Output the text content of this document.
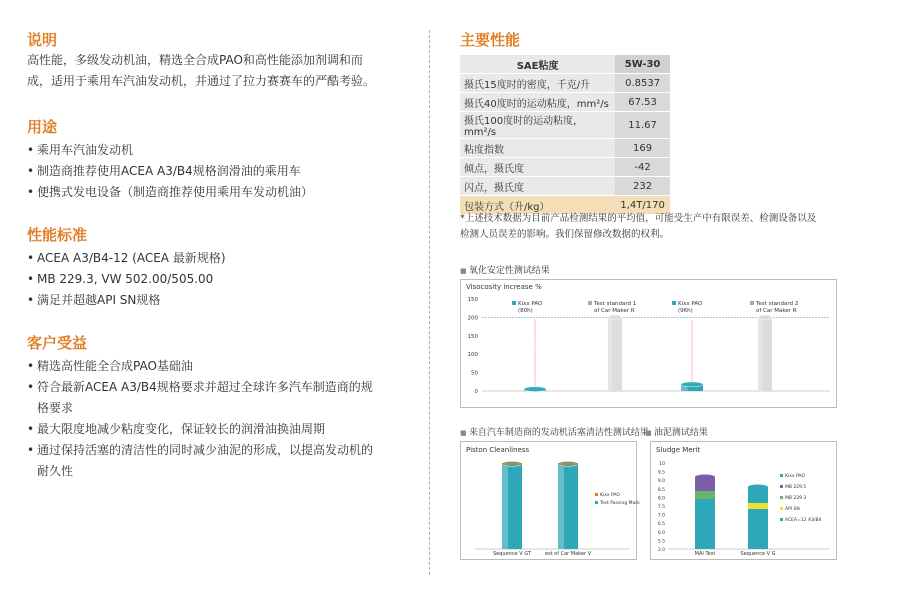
说明
高性能，多级发动机油，精选全合成PAO和高性能添加剂调和而
成，适用于乘用车汽油发动机，并通过了拉力赛赛车的严酷考验。
用途
• 乘用车汽油发动机
• 制造商推荐使用ACEA A3/B4规格润滑油的乘用车
• 便携式发电设备（制造商推荐使用乘用车发动机油）
性能标准
• ACEA A3/B4-12 (ACEA 最新规格)
• MB 229.3, VW 502.00/505.00
• 满足并超越API SN规格
客户受益
• 精选高性能全合成PAO基础油
• 符合最新ACEA A3/B4规格要求并超过全球许多汽车制造商的规
格要求
• 最大限度地减少粘度变化，保证较长的润滑油换油周期
• 通过保持活塞的清洁性的同时减少油泥的形成，以提高发动机的
耐久性
主要性能
SAE粘度	5W-30
摄氏15度时的密度，千克/升	0.8537
摄氏40度时的运动粘度，mm²/s	67.53
摄氏100度时的运动粘度，mm²/s	11.67
粘度指数	169
倾点，摄氏度	-42
闪点，摄氏度	232
包装方式（升/kg）	1,4T/170
*上述技术数据为目前产品检测结果的平均值，可能受生产中有限误差、检测设备以及
检测人员误差的影响。我们保留修改数据的权利。
■ 氧化安定性测试结果
Visocosity increase %
150
200
150
100
50
0
Kixx PAO
(80h)
Test standard 1
of Car Maker R
Kixx PAO
(96h)
Test standard 2
of Car Maker R
■ 来自汽车制造商的发动机活塞清洁性测试结果 ■ 油泥测试结果
Piston Cleanliness
Sequence V GT	est of Car Maker V
Kixx PAO
Test Passing Mark
Sludge Merit
10
9.5
9.0
8.5
8.0
7.5
7.0
6.5
6.0
5.5
3.0
MAI Test	Sequence V G
Kixx PAO
MB 229.5
MB 229.3
API SN
ACEA=12 A3/B4
